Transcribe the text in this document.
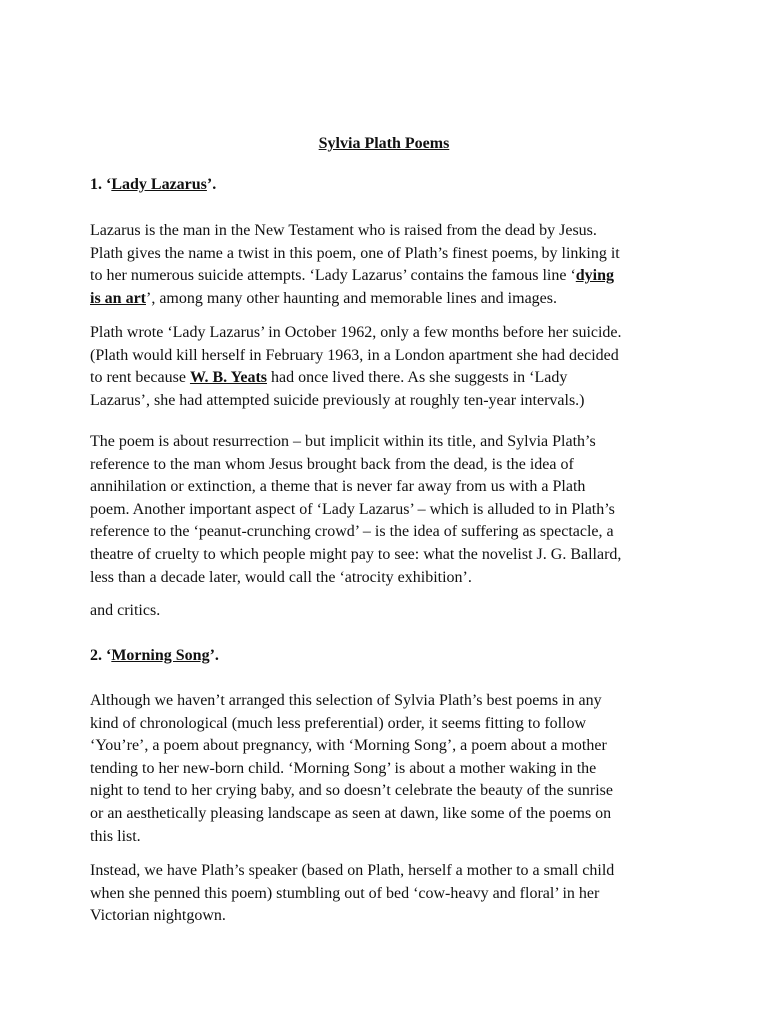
Sylvia Plath Poems

1. ‘Lady Lazarus’.

Lazarus is the man in the New Testament who is raised from the dead by Jesus.
Plath gives the name a twist in this poem, one of Plath’s finest poems, by linking it
to her numerous suicide attempts. ‘Lady Lazarus’ contains the famous line ‘dying
is an art’, among many other haunting and memorable lines and images.

Plath wrote ‘Lady Lazarus’ in October 1962, only a few months before her suicide.
(Plath would kill herself in February 1963, in a London apartment she had decided
to rent because W. B. Yeats had once lived there. As she suggests in ‘Lady
Lazarus’, she had attempted suicide previously at roughly ten-year intervals.)

The poem is about resurrection – but implicit within its title, and Sylvia Plath’s
reference to the man whom Jesus brought back from the dead, is the idea of
annihilation or extinction, a theme that is never far away from us with a Plath
poem. Another important aspect of ‘Lady Lazarus’ – which is alluded to in Plath’s
reference to the ‘peanut-crunching crowd’ – is the idea of suffering as spectacle, a
theatre of cruelty to which people might pay to see: what the novelist J. G. Ballard,
less than a decade later, would call the ‘atrocity exhibition’.

and critics.

2. ‘Morning Song’.

Although we haven’t arranged this selection of Sylvia Plath’s best poems in any
kind of chronological (much less preferential) order, it seems fitting to follow
‘You’re’, a poem about pregnancy, with ‘Morning Song’, a poem about a mother
tending to her new-born child. ‘Morning Song’ is about a mother waking in the
night to tend to her crying baby, and so doesn’t celebrate the beauty of the sunrise
or an aesthetically pleasing landscape as seen at dawn, like some of the poems on
this list.

Instead, we have Plath’s speaker (based on Plath, herself a mother to a small child
when she penned this poem) stumbling out of bed ‘cow-heavy and floral’ in her
Victorian nightgown.
